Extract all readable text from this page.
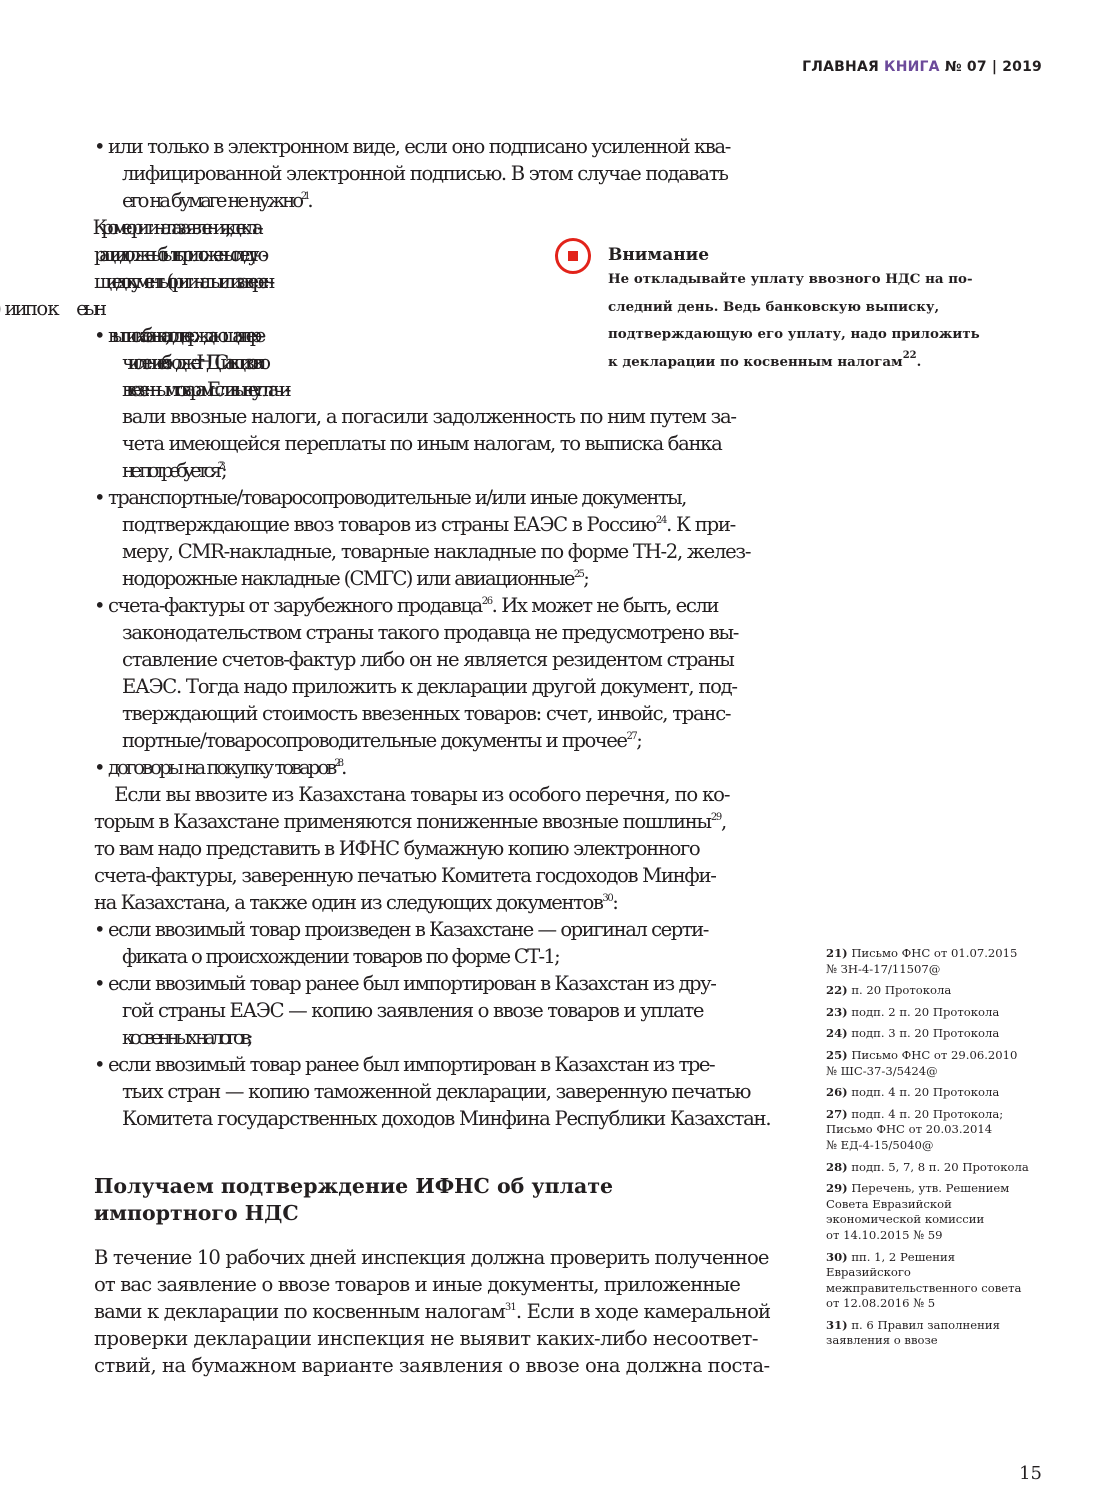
ГЛАВНАЯ КНИГА № 07 | 2019
• или только в электронном виде, если оно подписано усиленной ква-
лифицированной электронной подписью. В этом случае подавать
его на бумаге не нужно$^{21}$.
Кроме оригинала заявления, к декла-
рации должны быть приложены следую-
щие документы (оригиналы или заверен-
• выписка банка, подтверждающая пере-
числение в бюджет НДС и акцизов по
ввезенным товарам. Если вы не уплачи-
вали ввозные налоги, а погасили задолженность по ним путем за-
чета имеющейся переплаты по иным налогам, то выписка банка
не потребуется$^{23}$;
• транспортные/товаросопроводительные и/или иные документы,
подтверждающие ввоз товаров из страны ЕАЭС в Россию$^{24}$. К при-
меру, CMR-накладные, товарные накладные по форме ТН-2, желез-
нодорожные накладные (СМГС) или авиационные$^{25}$;
• счета-фактуры от зарубежного продавца$^{26}$. Их может не быть, если
законодательством страны такого продавца не предусмотрено вы-
ставление счетов-фактур либо он не является резидентом страны
ЕАЭС. Тогда надо приложить к декларации другой документ, под-
тверждающий стоимость ввезенных товаров: счет, инвойс, транс-
портные/товаросопроводительные документы и прочее$^{27}$;
• договоры на покупку товаров$^{28}$.
Если вы ввозите из Казахстана товары из особого перечня, по ко-
торым в Казахстане применяются пониженные ввозные пошлины$^{29}$,
то вам надо представить в ИФНС бумажную копию электронного
счета-фактуры, заверенную печатью Комитета госдоходов Минфи-
на Казахстана, а также один из следующих документов$^{30}$:
• если ввозимый товар произведен в Казахстане — оригинал серти-
фиката о происхождении товаров по форме СТ-1;
• если ввозимый товар ранее был импортирован в Казахстан из дру-
гой страны ЕАЭС — копию заявления о ввозе товаров и уплате
косвенных налогов;
• если ввозимый товар ранее был импортирован в Казахстан из тре-
тьих стран — копию таможенной декларации, заверенную печатью
Комитета государственных доходов Минфина Республики Казахстан.
Внимание
Не откладывайте уплату ввозного НДС на по-
следний день. Ведь банковскую выписку,
подтверждающую его уплату, надо приложить
к декларации по косвенным налогам$^{22}$.
Получаем подтверждение ИФНС об уплате
импортного НДС
В течение 10 рабочих дней инспекция должна проверить полученное
от вас заявление о ввозе товаров и иные документы, приложенные
вами к декларации по косвенным налогам$^{31}$. Если в ходе камеральной
проверки декларации инспекция не выявит каких-либо несоответ-
ствий, на бумажном варианте заявления о ввозе она должна поста-
21) Письмо ФНС от 01.07.2015
№ ЗН-4-17/11507@
22) п. 20 Протокола
23) подп. 2 п. 20 Протокола
24) подп. 3 п. 20 Протокола
25) Письмо ФНС от 29.06.2010
№ ШС-37-3/5424@
26) подп. 4 п. 20 Протокола
27) подп. 4 п. 20 Протокола;
Письмо ФНС от 20.03.2014
№ ЕД-4-15/5040@
28) подп. 5, 7, 8 п. 20 Протокола
29) Перечень, утв. Решением
Совета Евразийской
экономической комиссии
от 14.10.2015 № 59
30) пп. 1, 2 Решения
Евразийского
межправительственного совета
от 12.08.2016 № 5
31) п. 6 Правил заполнения
заявления о ввозе
15
